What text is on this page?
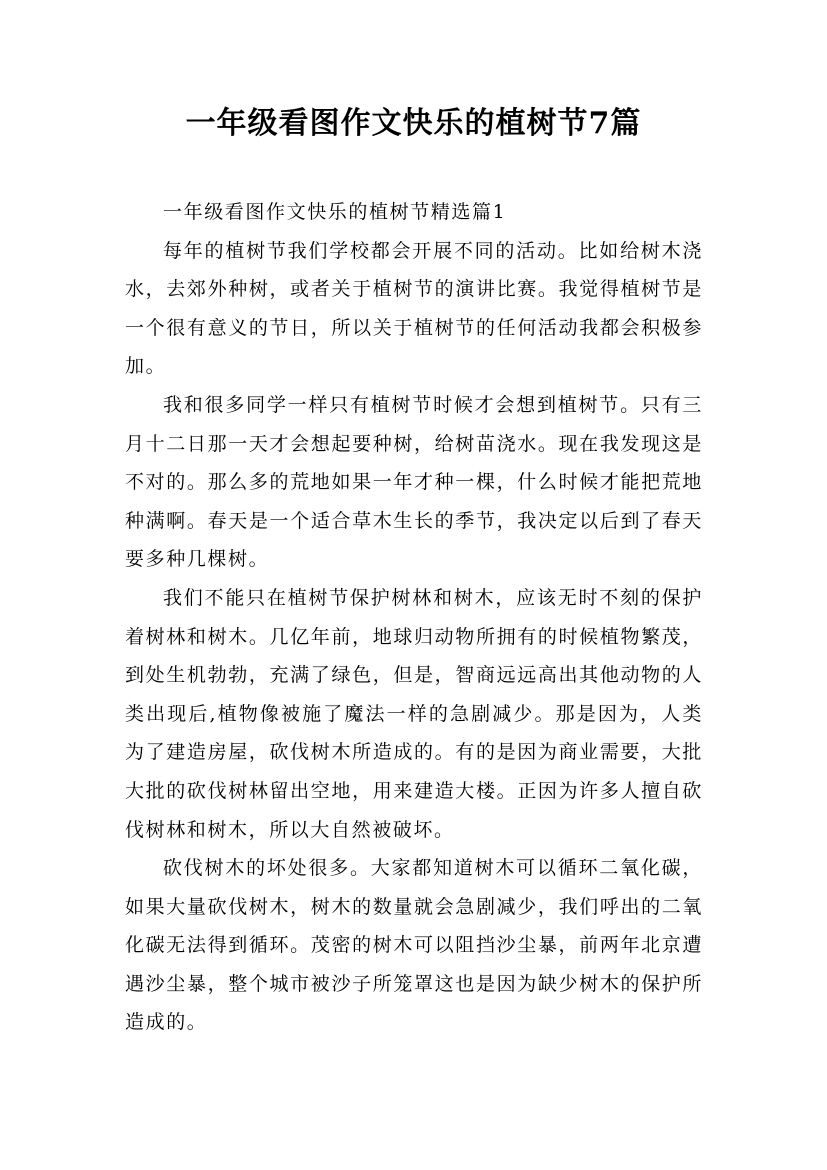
一年级看图作文快乐的植树节7篇

一年级看图作文快乐的植树节精选篇1

每年的植树节我们学校都会开展不同的活动。比如给树木浇水，去郊外种树，或者关于植树节的演讲比赛。我觉得植树节是一个很有意义的节日，所以关于植树节的任何活动我都会积极参加。

我和很多同学一样只有植树节时候才会想到植树节。只有三月十二日那一天才会想起要种树，给树苗浇水。现在我发现这是不对的。那么多的荒地如果一年才种一棵，什么时候才能把荒地种满啊。春天是一个适合草木生长的季节，我决定以后到了春天要多种几棵树。

我们不能只在植树节保护树林和树木，应该无时不刻的保护着树林和树木。几亿年前，地球归动物所拥有的时候植物繁茂，到处生机勃勃，充满了绿色，但是，智商远远高出其他动物的人类出现后,植物像被施了魔法一样的急剧减少。那是因为，人类为了建造房屋，砍伐树木所造成的。有的是因为商业需要，大批大批的砍伐树林留出空地，用来建造大楼。正因为许多人擅自砍伐树林和树木，所以大自然被破坏。

砍伐树木的坏处很多。大家都知道树木可以循环二氧化碳，如果大量砍伐树木，树木的数量就会急剧减少，我们呼出的二氧化碳无法得到循环。茂密的树木可以阻挡沙尘暴，前两年北京遭遇沙尘暴，整个城市被沙子所笼罩这也是因为缺少树木的保护所造成的。
